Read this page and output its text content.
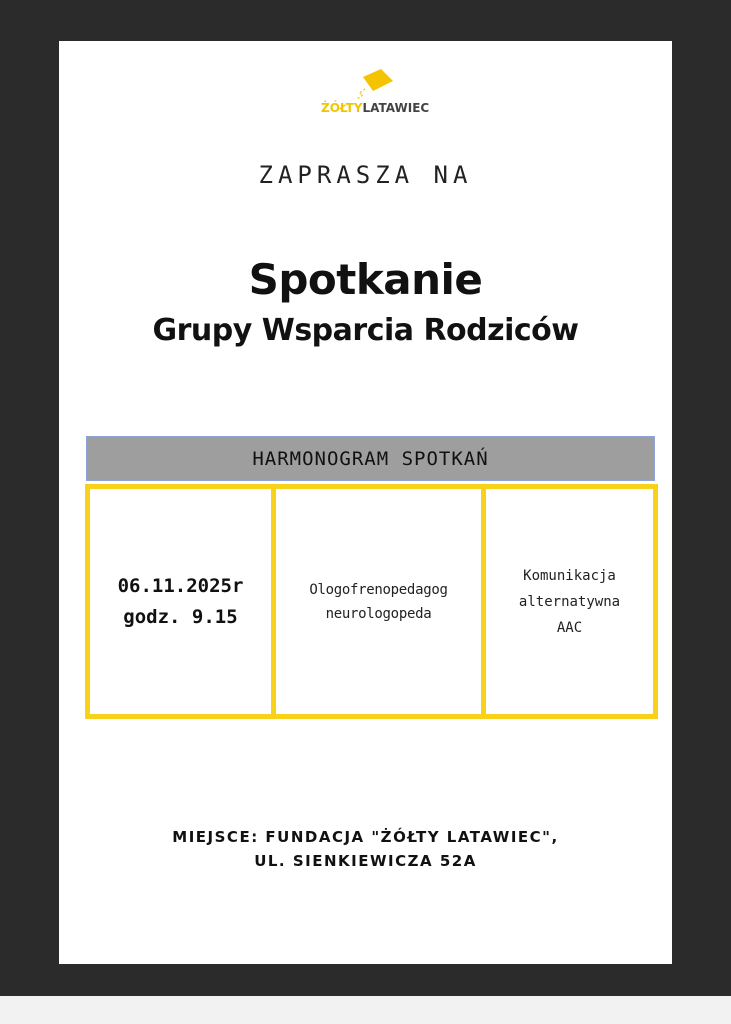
ŻÓŁTYLATAWIEC
ZAPRASZA NA
Spotkanie
Grupy Wsparcia Rodziców
HARMONOGRAM SPOTKAŃ
06.11.2025r
godz. 9.15
Ologofrenopedagog
neurologopeda
Komunikacja
alternatywna
AAC
MIEJSCE: FUNDACJA "ŻÓŁTY LATAWIEC",
UL. SIENKIEWICZA 52A
